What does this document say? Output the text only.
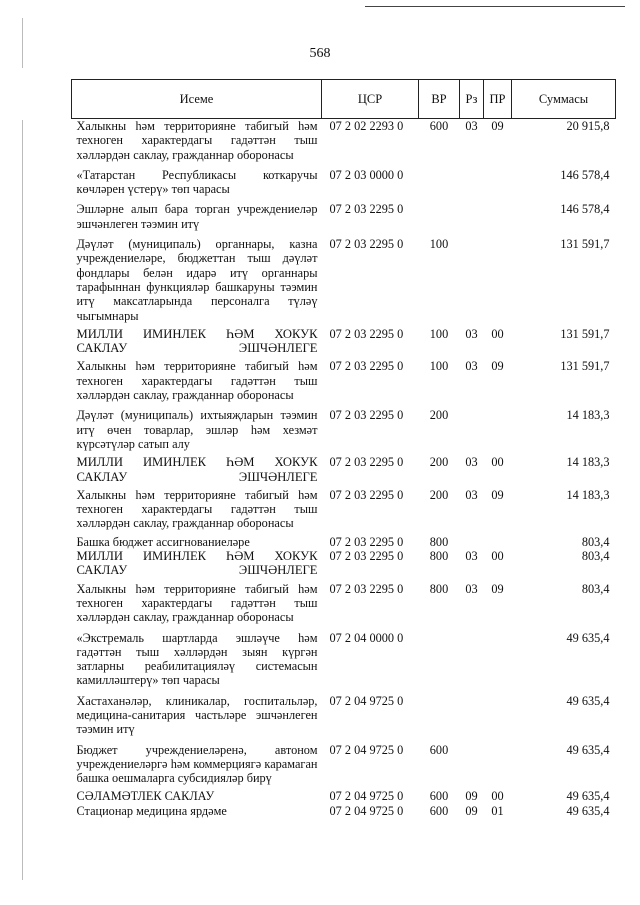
568
Исеме	ЦСР	ВР	Рз	ПР	Суммасы
Халыкны һәм территорияне табигый һәм техноген характердагы гадәттән тыш хәлләрдән саклау, гражданнар оборонасы	07 2 02 2293 0	600	03	09	20 915,8
«Татарстан Республикасы коткаручы көчләрен үстерү» төп чарасы	07 2 03 0000 0				146 578,4
Эшләрне алып бара торган учреждениеләр эшчәнлеген тәэмин итү	07 2 03 2295 0				146 578,4
Дәүләт (муниципаль) органнары, казна учреждениеләре, бюджеттан тыш дәүләт фондлары белән идарә итү органнары тарафыннан функцияләр башкаруны тәэмин итү максатларында персоналга түләү чыгымнары	07 2 03 2295 0	100			131 591,7
МИЛЛИ ИМИНЛЕК ҺӘМ ХОКУК САКЛАУ ЭШЧӘНЛЕГЕ	07 2 03 2295 0	100	03	00	131 591,7
Халыкны һәм территорияне табигый һәм техноген характердагы гадәттән тыш хәлләрдән саклау, гражданнар оборонасы	07 2 03 2295 0	100	03	09	131 591,7
Дәүләт (муниципаль) ихтыяҗларын тәэмин итү өчен товарлар, эшләр һәм хезмәт күрсәтүләр сатып алу	07 2 03 2295 0	200			14 183,3
МИЛЛИ ИМИНЛЕК ҺӘМ ХОКУК САКЛАУ ЭШЧӘНЛЕГЕ	07 2 03 2295 0	200	03	00	14 183,3
Халыкны һәм территорияне табигый һәм техноген характердагы гадәттән тыш хәлләрдән саклау, гражданнар оборонасы	07 2 03 2295 0	200	03	09	14 183,3
Башка бюджет ассигнованиеләре	07 2 03 2295 0	800			803,4
МИЛЛИ ИМИНЛЕК ҺӘМ ХОКУК САКЛАУ ЭШЧӘНЛЕГЕ	07 2 03 2295 0	800	03	00	803,4
Халыкны һәм территорияне табигый һәм техноген характердагы гадәттән тыш хәлләрдән саклау, гражданнар оборонасы	07 2 03 2295 0	800	03	09	803,4
«Экстремаль шартларда эшләүче һәм гадәттән тыш хәлләрдән зыян күргән затларны реабилитацияләү системасын камилләштерү» төп чарасы	07 2 04 0000 0				49 635,4
Хастаханәләр, клиникалар, госпитальләр, медицина-санитария частьләре эшчәнлеген тәэмин итү	07 2 04 9725 0				49 635,4
Бюджет учреждениеләренә, автоном учреждениеләргә һәм коммерциягә карамаган башка оешмаларга субсидияләр бирү	07 2 04 9725 0	600			49 635,4
СӘЛАМӘТЛЕК САКЛАУ	07 2 04 9725 0	600	09	00	49 635,4
Стационар медицина ярдәме	07 2 04 9725 0	600	09	01	49 635,4
